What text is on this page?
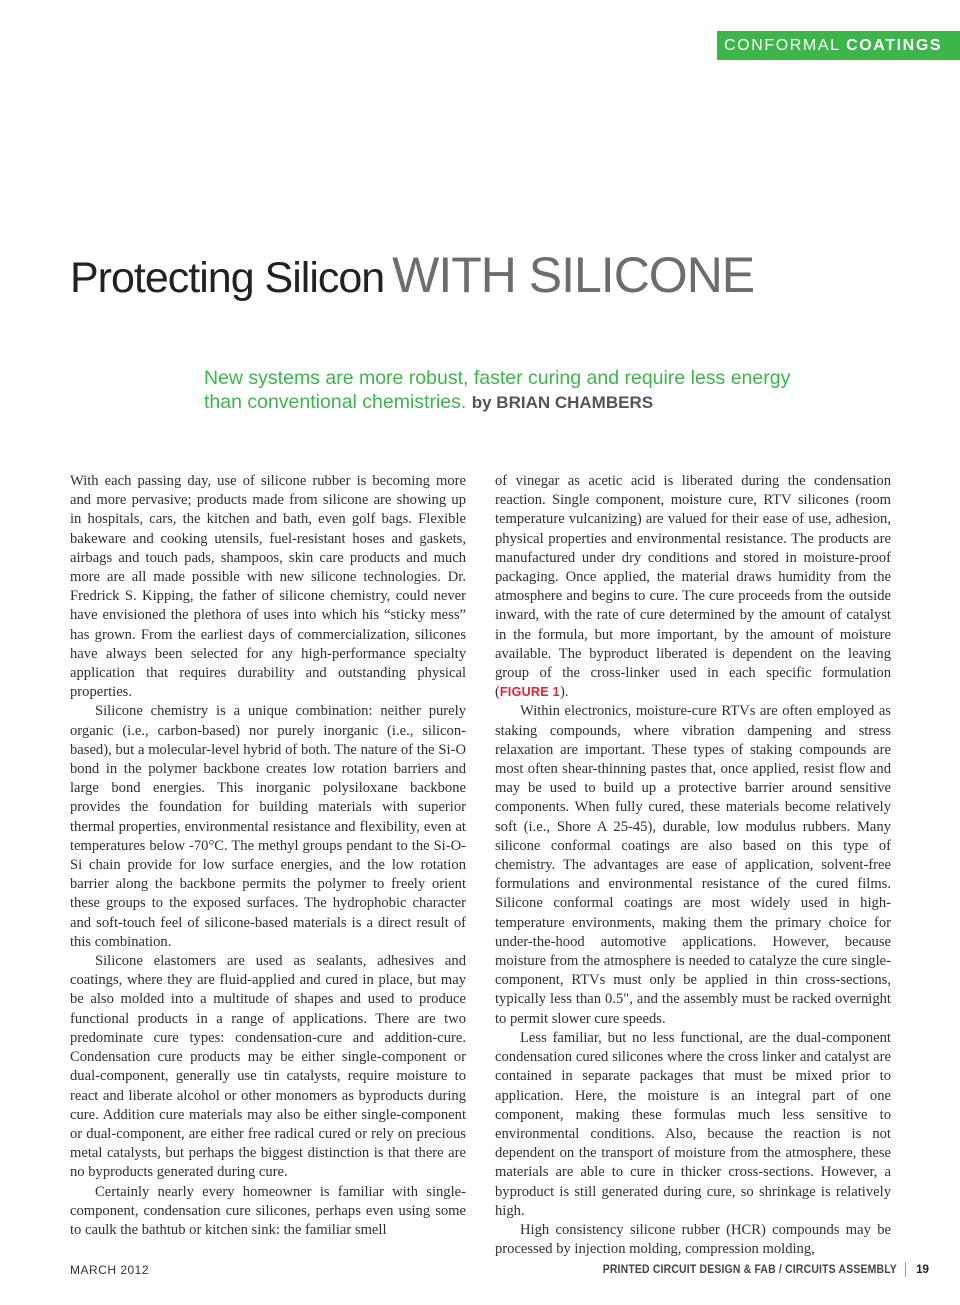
CONFORMAL COATINGS
Protecting Silicon WITH SILICONE

New systems are more robust, faster curing and require less energy than conventional chemistries. by BRIAN CHAMBERS

With each passing day, use of silicone rubber is becoming more and more pervasive; products made from silicone are showing up in hospitals, cars, the kitchen and bath, even golf bags. Flexible bakeware and cooking utensils, fuel-resistant hoses and gaskets, airbags and touch pads, shampoos, skin care products and much more are all made possible with new silicone technologies. Dr. Fredrick S. Kipping, the father of silicone chemistry, could never have envisioned the plethora of uses into which his “sticky mess” has grown. From the earliest days of commercialization, silicones have always been selected for any high-performance specialty application that requires durability and outstanding physical properties.

Silicone chemistry is a unique combination: neither purely organic (i.e., carbon-based) nor purely inorganic (i.e., silicon-based), but a molecular-level hybrid of both. The nature of the Si-O bond in the polymer backbone creates low rotation barriers and large bond energies. This inorganic polysiloxane backbone provides the foundation for building materials with superior thermal properties, environmental resistance and flexibility, even at temperatures below -70°C. The methyl groups pendant to the Si-O-Si chain provide for low surface energies, and the low rotation barrier along the backbone permits the polymer to freely orient these groups to the exposed surfaces. The hydrophobic character and soft-touch feel of silicone-based materials is a direct result of this combination.

Silicone elastomers are used as sealants, adhesives and coatings, where they are fluid-applied and cured in place, but may be also molded into a multitude of shapes and used to produce functional products in a range of applications. There are two predominate cure types: condensation-cure and addition-cure. Condensation cure products may be either single-component or dual-component, generally use tin catalysts, require moisture to react and liberate alcohol or other monomers as byproducts during cure. Addition cure materials may also be either single-component or dual-component, are either free radical cured or rely on precious metal catalysts, but perhaps the biggest distinction is that there are no byproducts generated during cure.

Certainly nearly every homeowner is familiar with single-component, condensation cure silicones, perhaps even using some to caulk the bathtub or kitchen sink: the familiar smell

of vinegar as acetic acid is liberated during the condensation reaction. Single component, moisture cure, RTV silicones (room temperature vulcanizing) are valued for their ease of use, adhesion, physical properties and environmental resistance. The products are manufactured under dry conditions and stored in moisture-proof packaging. Once applied, the material draws humidity from the atmosphere and begins to cure. The cure proceeds from the outside inward, with the rate of cure determined by the amount of catalyst in the formula, but more important, by the amount of moisture available. The byproduct liberated is dependent on the leaving group of the cross-linker used in each specific formulation (FIGURE 1).

Within electronics, moisture-cure RTVs are often employed as staking compounds, where vibration dampening and stress relaxation are important. These types of staking compounds are most often shear-thinning pastes that, once applied, resist flow and may be used to build up a protective barrier around sensitive components. When fully cured, these materials become relatively soft (i.e., Shore A 25-45), durable, low modulus rubbers. Many silicone conformal coatings are also based on this type of chemistry. The advantages are ease of application, solvent-free formulations and environmental resistance of the cured films. Silicone conformal coatings are most widely used in high-temperature environments, making them the primary choice for under-the-hood automotive applications. However, because moisture from the atmosphere is needed to catalyze the cure single-component, RTVs must only be applied in thin cross-sections, typically less than 0.5", and the assembly must be racked overnight to permit slower cure speeds.

Less familiar, but no less functional, are the dual-component condensation cured silicones where the cross linker and catalyst are contained in separate packages that must be mixed prior to application. Here, the moisture is an integral part of one component, making these formulas much less sensitive to environmental conditions. Also, because the reaction is not dependent on the transport of moisture from the atmosphere, these materials are able to cure in thicker cross-sections. However, a byproduct is still generated during cure, so shrinkage is relatively high.

High consistency silicone rubber (HCR) compounds may be processed by injection molding, compression molding,

MARCH 2012	PRINTED CIRCUIT DESIGN & FAB / CIRCUITS ASSEMBLY 19
